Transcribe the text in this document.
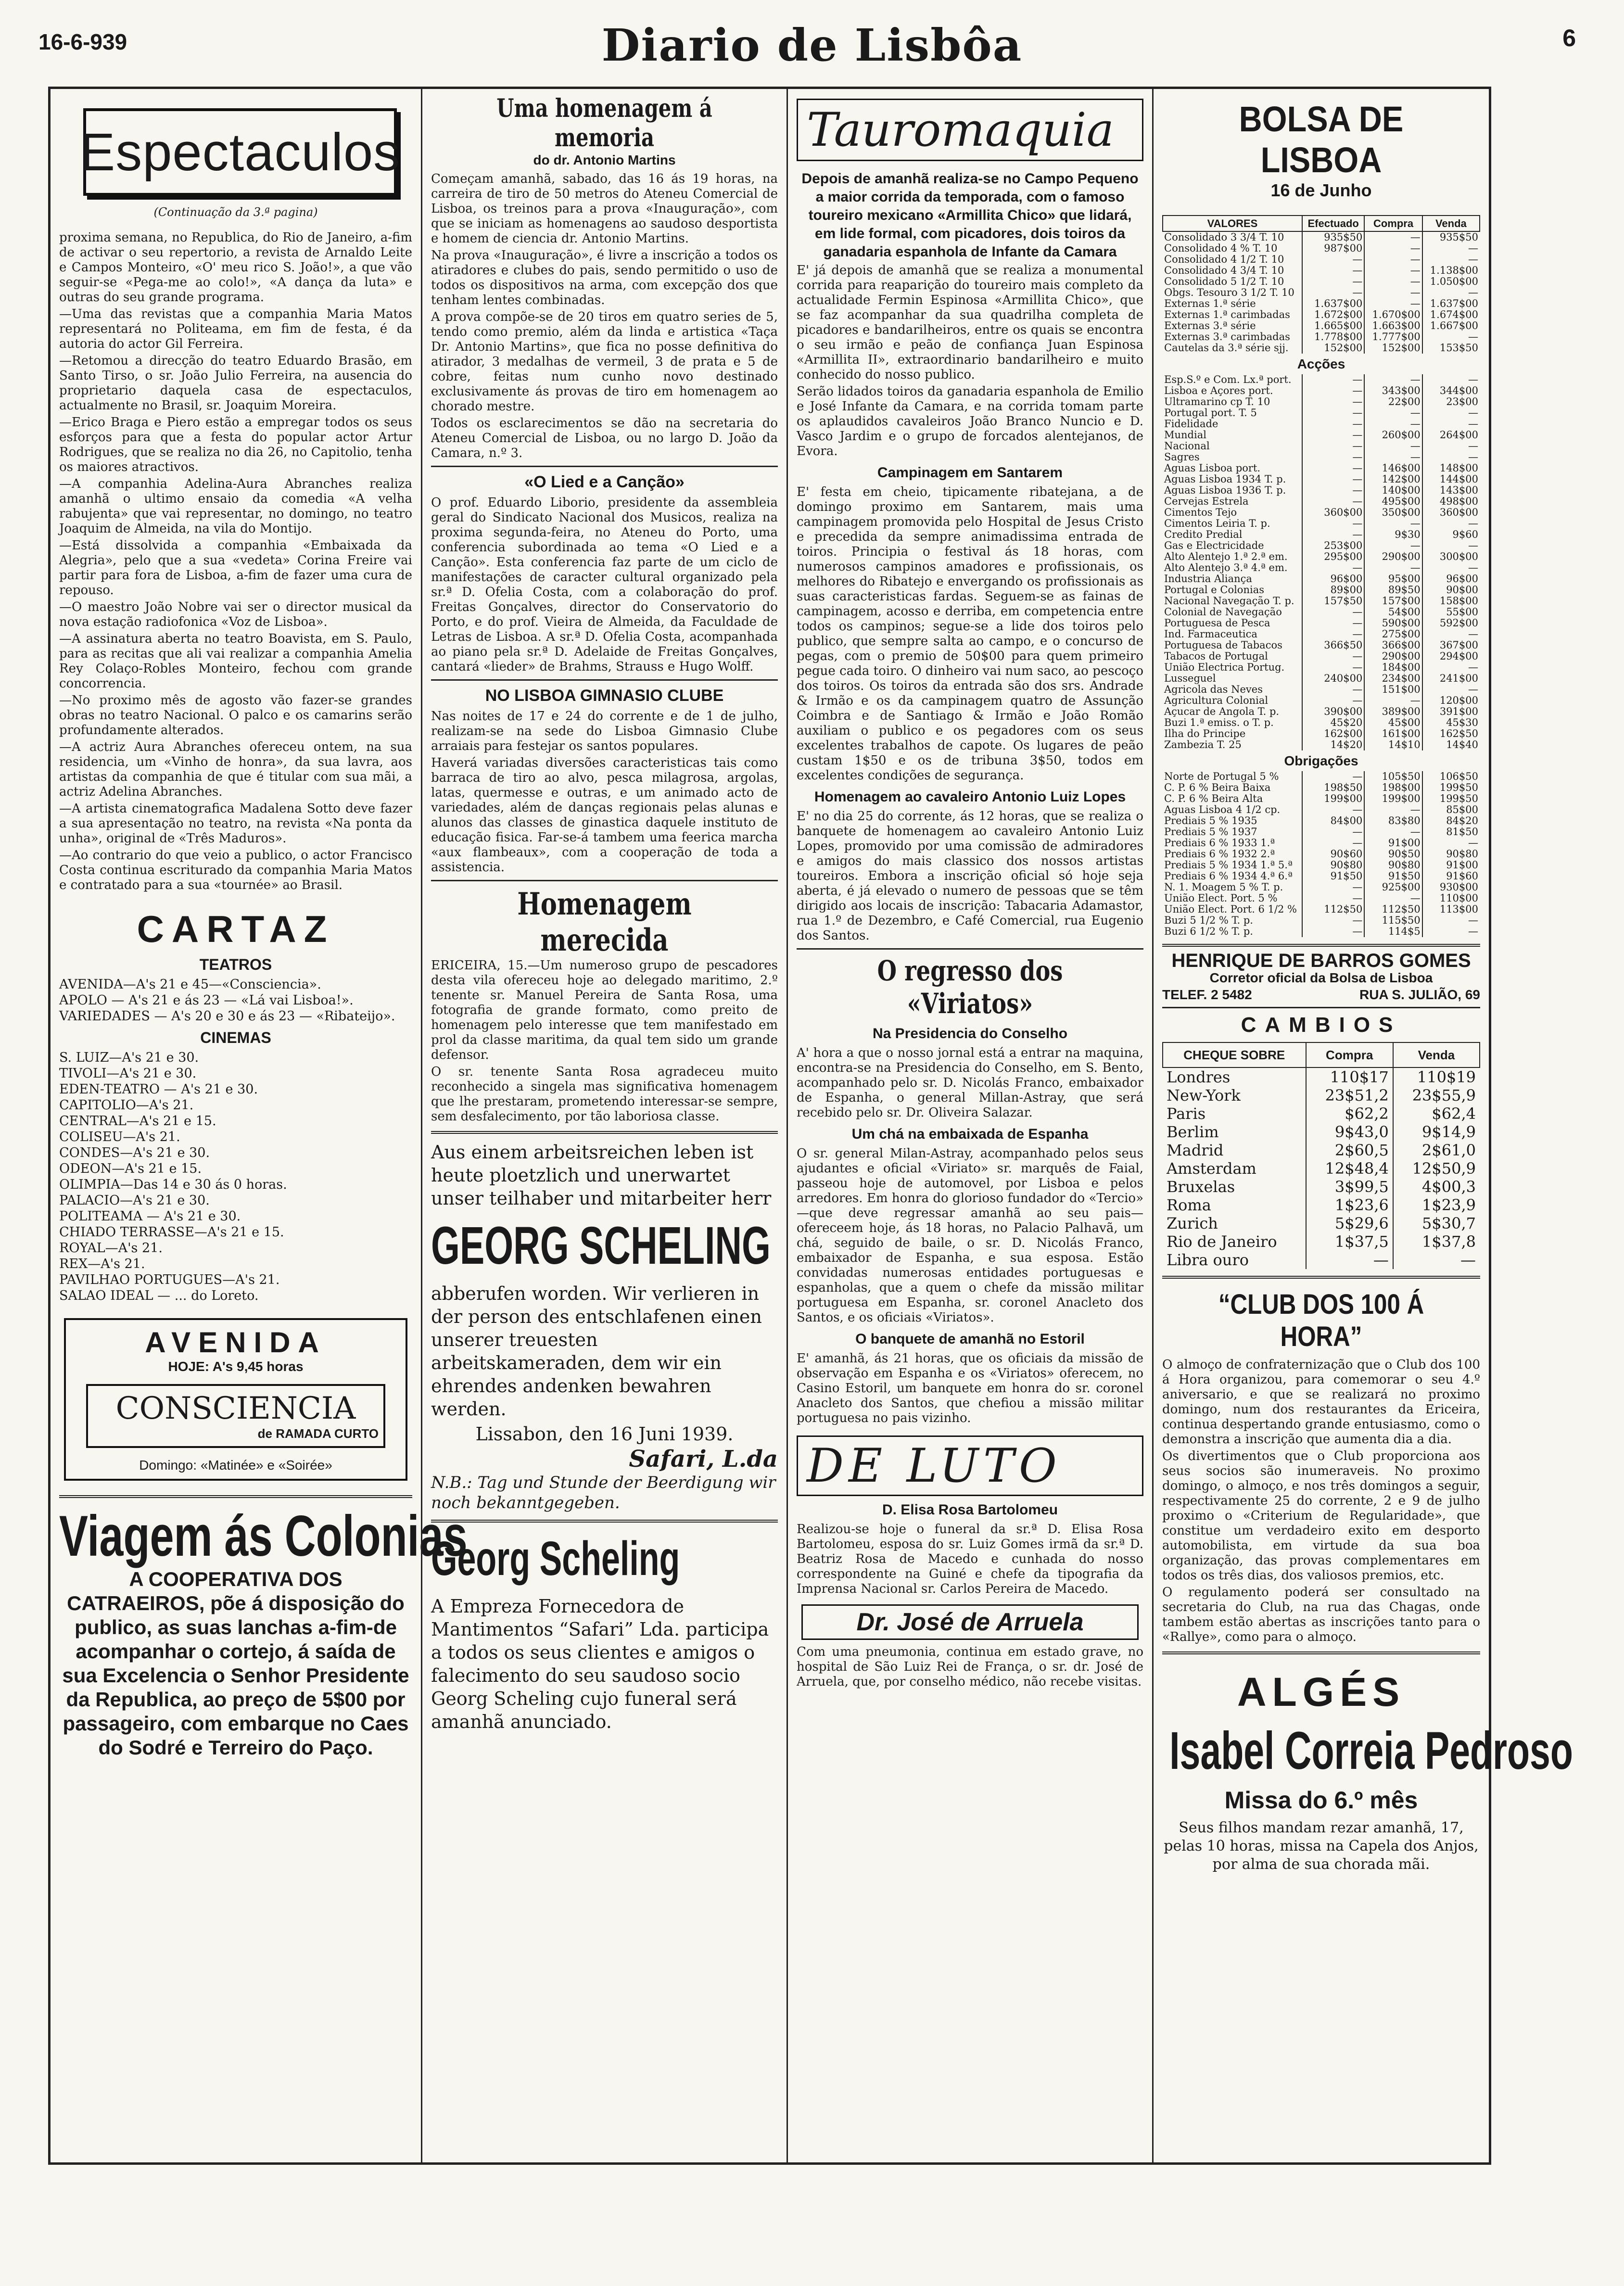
16-6-939	Diario de Lisbôa	6
Espectaculos
(Continuação da 3.ª pagina)

proxima semana, no Republica, do Rio de Janeiro, a-fim de activar o seu repertorio, a revista de Arnaldo Leite e Campos Monteiro, «O' meu rico S. João!», a que vão seguir-se «Pega-me ao colo!», «A dança da luta» e outras do seu grande programa.

—Uma das revistas que a companhia Maria Matos representará no Politeama, em fim de festa, é da autoria do actor Gil Ferreira.

—Retomou a direcção do teatro Eduardo Brasão, em Santo Tirso, o sr. João Julio Ferreira, na ausencia do proprietario daquela casa de espectaculos, actualmente no Brasil, sr. Joaquim Moreira.

—Erico Braga e Piero estão a empregar todos os seus esforços para que a festa do popular actor Artur Rodrigues, que se realiza no dia 26, no Capitolio, tenha os maiores atractivos.

—A companhia Adelina-Aura Abranches realiza amanhã o ultimo ensaio da comedia «A velha rabujenta» que vai representar, no domingo, no teatro Joaquim de Almeida, na vila do Montijo.

—Está dissolvida a companhia «Embaixada da Alegria», pelo que a sua «vedeta» Corina Freire vai partir para fora de Lisboa, a-fim de fazer uma cura de repouso.

—O maestro João Nobre vai ser o director musical da nova estação radiofonica «Voz de Lisboa».

—A assinatura aberta no teatro Boavista, em S. Paulo, para as recitas que ali vai realizar a companhia Amelia Rey Colaço-Robles Monteiro, fechou com grande concorrencia.

—No proximo mês de agosto vão fazer-se grandes obras no teatro Nacional. O palco e os camarins serão profundamente alterados.

—A actriz Aura Abranches ofereceu ontem, na sua residencia, um «Vinho de honra», da sua lavra, aos artistas da companhia de que é titular com sua mãi, a actriz Adelina Abranches.

—A artista cinematografica Madalena Sotto deve fazer a sua apresentação no teatro, na revista «Na ponta da unha», original de «Três Maduros».

—Ao contrario do que veio a publico, o actor Francisco Costa continua escriturado da companhia Maria Matos e contratado para a sua «tournée» ao Brasil.

CARTAZ
TEATROS

AVENIDA—A's 21 e 45—«Consciencia».

APOLO — A's 21 e ás 23 — «Lá vai Lisboa!».

VARIEDADES — A's 20 e 30 e ás 23 — «Ribateijo».

CINEMAS

S. LUIZ—A's 21 e 30.

TIVOLI—A's 21 e 30.

EDEN-TEATRO — A's 21 e 30.

CAPITOLIO—A's 21.

CENTRAL—A's 21 e 15.

COLISEU—A's 21.

CONDES—A's 21 e 30.

ODEON—A's 21 e 15.

OLIMPIA—Das 14 e 30 ás 0 horas.

PALACIO—A's 21 e 30.

POLITEAMA — A's 21 e 30.

CHIADO TERRASSE—A's 21 e 15.

ROYAL—A's 21.

REX—A's 21.

PAVILHAO PORTUGUES—A's 21.

SALAO IDEAL — ... do Loreto.

AVENIDA
HOJE: A's 9,45 horas
CONSCIENCIA
de RAMADA CURTO
Domingo: «Matinée» e «Soirée»
Viagem ás Colonias

A COOPERATIVA DOS CATRAEIROS, põe á disposição do publico, as suas lanchas a-fim-de acompanhar o cortejo, á saída de sua Excelencia o Senhor Presidente da Republica, ao preço de 5$00 por passageiro, com embarque no Caes do Sodré e Terreiro do Paço.

Uma homenagem á memoria
do dr. Antonio Martins

Começam amanhã, sabado, das 16 ás 19 horas, na carreira de tiro de 50 metros do Ateneu Comercial de Lisboa, os treinos para a prova «Inauguração», com que se iniciam as homenagens ao saudoso desportista e homem de ciencia dr. Antonio Martins.

Na prova «Inauguração», é livre a inscrição a todos os atiradores e clubes do pais, sendo permitido o uso de todos os dispositivos na arma, com excepção dos que tenham lentes combinadas.

A prova compõe-se de 20 tiros em quatro series de 5, tendo como premio, além da linda e artistica «Taça Dr. Antonio Martins», que fica no posse definitiva do atirador, 3 medalhas de vermeil, 3 de prata e 5 de cobre, feitas num cunho novo destinado exclusivamente ás provas de tiro em homenagem ao chorado mestre.

Todos os esclarecimentos se dão na secretaria do Ateneu Comercial de Lisboa, ou no largo D. João da Camara, n.º 3.

«O Lied e a Canção»

O prof. Eduardo Liborio, presidente da assembleia geral do Sindicato Nacional dos Musicos, realiza na proxima segunda-feira, no Ateneu do Porto, uma conferencia subordinada ao tema «O Lied e a Canção». Esta conferencia faz parte de um ciclo de manifestações de caracter cultural organizado pela sr.ª D. Ofelia Costa, com a colaboração do prof. Freitas Gonçalves, director do Conservatorio do Porto, e do prof. Vieira de Almeida, da Faculdade de Letras de Lisboa. A sr.ª D. Ofelia Costa, acompanhada ao piano pela sr.ª D. Adelaide de Freitas Gonçalves, cantará «lieder» de Brahms, Strauss e Hugo Wolff.

NO LISBOA GIMNASIO CLUBE

Nas noites de 17 e 24 do corrente e de 1 de julho, realizam-se na sede do Lisboa Gimnasio Clube arraiais para festejar os santos populares.

Haverá variadas diversões caracteristicas tais como barraca de tiro ao alvo, pesca milagrosa, argolas, latas, quermesse e outras, e um animado acto de variedades, além de danças regionais pelas alunas e alunos das classes de ginastica daquele instituto de educação fisica. Far-se-á tambem uma feerica marcha «aux flambeaux», com a cooperação de toda a assistencia.

Homenagem merecida

ERICEIRA, 15.—Um numeroso grupo de pescadores desta vila ofereceu hoje ao delegado maritimo, 2.º tenente sr. Manuel Pereira de Santa Rosa, uma fotografia de grande formato, como preito de homenagem pelo interesse que tem manifestado em prol da classe maritima, da qual tem sido um grande defensor.

O sr. tenente Santa Rosa agradeceu muito reconhecido a singela mas significativa homenagem que lhe prestaram, prometendo interessar-se sempre, sem desfalecimento, por tão laboriosa classe.

Aus einem arbeitsreichen leben ist heute ploetzlich und unerwartet unser teilhaber und mitarbeiter herr

GEORG SCHELING

abberufen worden. Wir verlieren in der person des entschlafenen einen unserer treuesten arbeitskameraden, dem wir ein ehrendes andenken bewahren werden.

Lissabon, den 16 Juni 1939.

Safari, L.da

N.B.: Tag und Stunde der Beerdigung wir noch bekanntgegeben.

Georg Scheling

A Empreza Fornecedora de Mantimentos “Safari” Lda. participa a todos os seus clientes e amigos o falecimento do seu saudoso socio Georg Scheling cujo funeral será amanhã anunciado.

Tauromaquia

Depois de amanhã realiza-se no Campo Pequeno a maior corrida da temporada, com o famoso toureiro mexicano «Armillita Chico» que lidará, em lide formal, com picadores, dois toiros da ganadaria espanhola de Infante da Camara

E' já depois de amanhã que se realiza a monumental corrida para reaparição do toureiro mais completo da actualidade Fermin Espinosa «Armillita Chico», que se faz acompanhar da sua quadrilha completa de picadores e bandarilheiros, entre os quais se encontra o seu irmão e peão de confiança Juan Espinosa «Armillita II», extraordinario bandarilheiro e muito conhecido do nosso publico.

Serão lidados toiros da ganadaria espanhola de Emilio e José Infante da Camara, e na corrida tomam parte os aplaudidos cavaleiros João Branco Nuncio e D. Vasco Jardim e o grupo de forcados alentejanos, de Evora.

Campinagem em Santarem

E' festa em cheio, tipicamente ribatejana, a de domingo proximo em Santarem, mais uma campinagem promovida pelo Hospital de Jesus Cristo e precedida da sempre animadissima entrada de toiros. Principia o festival ás 18 horas, com numerosos campinos amadores e profissionais, os melhores do Ribatejo e envergando os profissionais as suas caracteristicas fardas. Seguem-se as fainas de campinagem, acosso e derriba, em competencia entre todos os campinos; segue-se a lide dos toiros pelo publico, que sempre salta ao campo, e o concurso de pegas, com o premio de 50$00 para quem primeiro pegue cada toiro. O dinheiro vai num saco, ao pescoço dos toiros. Os toiros da entrada são dos srs. Andrade & Irmão e os da campinagem quatro de Assunção Coimbra e de Santiago & Irmão e João Romão auxiliam o publico e os pegadores com os seus excelentes trabalhos de capote. Os lugares de peão custam 1$50 e os de tribuna 3$50, todos em excelentes condições de segurança.

Homenagem ao cavaleiro Antonio Luiz Lopes

E' no dia 25 do corrente, ás 12 horas, que se realiza o banquete de homenagem ao cavaleiro Antonio Luiz Lopes, promovido por uma comissão de admiradores e amigos do mais classico dos nossos artistas toureiros. Embora a inscrição oficial só hoje seja aberta, é já elevado o numero de pessoas que se têm dirigido aos locais de inscrição: Tabacaria Adamastor, rua 1.º de Dezembro, e Café Comercial, rua Eugenio dos Santos.

O regresso dos «Viriatos»
Na Presidencia do Conselho

A' hora a que o nosso jornal está a entrar na maquina, encontra-se na Presidencia do Conselho, em S. Bento, acompanhado pelo sr. D. Nicolás Franco, embaixador de Espanha, o general Millan-Astray, que será recebido pelo sr. Dr. Oliveira Salazar.

Um chá na embaixada de Espanha

O sr. general Milan-Astray, acompanhado pelos seus ajudantes e oficial «Viriato» sr. marquês de Faial, passeou hoje de automovel, por Lisboa e pelos arredores. Em honra do glorioso fundador do «Tercio» —que deve regressar amanhã ao seu pais— ofereceem hoje, ás 18 horas, no Palacio Palhavã, um chá, seguido de baile, o sr. D. Nicolás Franco, embaixador de Espanha, e sua esposa. Estão convidadas numerosas entidades portuguesas e espanholas, que a quem o chefe da missão militar portuguesa em Espanha, sr. coronel Anacleto dos Santos, e os oficiais «Viriatos».

O banquete de amanhã no Estoril

E' amanhã, ás 21 horas, que os oficiais da missão de observação em Espanha e os «Viriatos» oferecem, no Casino Estoril, um banquete em honra do sr. coronel Anacleto dos Santos, que chefiou a missão militar portuguesa no pais vizinho.

DE LUTO
D. Elisa Rosa Bartolomeu

Realizou-se hoje o funeral da sr.ª D. Elisa Rosa Bartolomeu, esposa do sr. Luiz Gomes irmã da sr.ª D. Beatriz Rosa de Macedo e cunhada do nosso correspondente na Guiné e chefe da tipografia da Imprensa Nacional sr. Carlos Pereira de Macedo.

Dr. José de Arruela

Com uma pneumonia, continua em estado grave, no hospital de São Luiz Rei de França, o sr. dr. José de Arruela, que, por conselho médico, não recebe visitas.

BOLSA DE LISBOA
16 de Junho
VALORES	Efectuado	Compra	Venda
Consolidado 3 3/4 T. 10	935$50	—	935$50
Consolidado 4 % T. 10	987$00	—	—
Consolidado 4 1/2 T. 10	—	—	—
Consolidado 4 3/4 T. 10	—	—	1.138$00
Consolidado 5 1/2 T. 10	—	—	1.050$00
Obgs. Tesouro 3 1/2 T. 10	—	—	—
Externas 1.ª série	1.637$00	—	1.637$00
Externas 1.ª carimbadas	1.672$00	1.670$00	1.674$00
Externas 3.ª série	1.665$00	1.663$00	1.667$00
Externas 3.ª carimbadas	1.778$00	1.777$00	—
Cautelas da 3.ª série sjj.	152$00	152$00	153$50
Acções			
Esp.S.º e Com. Lx.ª port.	—	—	—
Lisboa e Açores port.	—	343$00	344$00
Ultramarino cp T. 10	—	22$00	23$00
Portugal port. T. 5	—	—	—
Fidelidade	—	—	—
Mundial	—	260$00	264$00
Nacional	—	—	—
Sagres	—	—	—
Aguas Lisboa port.	—	146$00	148$00
Aguas Lisboa 1934 T. p.	—	142$00	144$00
Aguas Lisboa 1936 T. p.	—	140$00	143$00
Cervejas Estrela	—	495$00	498$00
Cimentos Tejo	360$00	350$00	360$00
Cimentos Leiria T. p.	—	—	—
Credito Predial	—	9$30	9$60
Gas e Electricidade	253$00	—	—
Alto Alentejo 1.ª 2.ª em.	295$00	290$00	300$00
Alto Alentejo 3.ª 4.ª em.	—	—	—
Industria Aliança	96$00	95$00	96$00
Portugal e Colonias	89$00	89$50	90$00
Nacional Navegação T. p.	157$50	157$00	158$00
Colonial de Navegação	—	54$00	55$00
Portuguesa de Pesca	—	590$00	592$00
Ind. Farmaceutica	—	275$00	—
Portuguesa de Tabacos	366$50	366$00	367$00
Tabacos de Portugal	—	290$00	294$00
União Electrica Portug.	—	184$00	—
Lusseguel	240$00	234$00	241$00
Agricola das Neves	—	151$00	—
Agricultura Colonial	—	—	120$00
Açucar de Angola T. p.	390$00	389$00	391$00
Buzi 1.ª emiss. o T. p.	45$20	45$00	45$30
Ilha do Principe	162$00	161$00	162$50
Zambezia T. 25	14$20	14$10	14$40
Obrigações			
Norte de Portugal 5 %	—	105$50	106$50
C. P. 6 % Beira Baixa	198$50	198$00	199$50
C. P. 6 % Beira Alta	199$00	199$00	199$50
Aguas Lisboa 4 1/2 cp.	—	—	85$00
Prediais 5 % 1935	84$00	83$80	84$20
Prediais 5 % 1937	—	—	81$50
Prediais 6 % 1933 1.ª	—	91$00	—
Prediais 6 % 1932 2.ª	90$60	90$50	90$80
Prediais 5 % 1934 1.ª 5.ª	90$80	90$80	91$00
Prediais 6 % 1934 4.ª 6.ª	91$50	91$50	91$60
N. 1. Moagem 5 % T. p.	—	925$00	930$00
União Elect. Port. 5 %	—	—	110$00
União Elect. Port. 6 1/2 %	112$50	112$50	113$00
Buzi 5 1/2 % T. p.	—	115$50	—
Buzi 6 1/2 % T. p.	—	114$5	—

HENRIQUE DE BARROS GOMES

Corretor oficial da Bolsa de Lisboa

TELEF. 2 5482	RUA S. JULIÃO, 69

CAMBIOS
CHEQUE SOBRE	Compra	Venda
Londres	110$17	110$19
New-York	23$51,2	23$55,9
Paris	$62,2	$62,4
Berlim	9$43,0	9$14,9
Madrid	2$60,5	2$61,0
Amsterdam	12$48,4	12$50,9
Bruxelas	3$99,5	4$00,3
Roma	1$23,6	1$23,9
Zurich	5$29,6	5$30,7
Rio de Janeiro	1$37,5	1$37,8
Libra ouro	—	—
“CLUB DOS 100 Á HORA”

O almoço de confraternização que o Club dos 100 á Hora organizou, para comemorar o seu 4.º aniversario, e que se realizará no proximo domingo, num dos restaurantes da Ericeira, continua despertando grande entusiasmo, como o demonstra a inscrição que aumenta dia a dia.

Os divertimentos que o Club proporciona aos seus socios são inumeraveis. No proximo domingo, o almoço, e nos três domingos a seguir, respectivamente 25 do corrente, 2 e 9 de julho proximo o «Criterium de Regularidade», que constitue um verdadeiro exito em desporto automobilista, em virtude da sua boa organização, das provas complementares em todos os três dias, dos valiosos premios, etc.

O regulamento poderá ser consultado na secretaria do Club, na rua das Chagas, onde tambem estão abertas as inscrições tanto para o «Rallye», como para o almoço.

ALGÉS
Isabel Correia Pedroso
Missa do 6.º mês

Seus filhos mandam rezar amanhã, 17, pelas 10 horas, missa na Capela dos Anjos, por alma de sua chorada mãi.
